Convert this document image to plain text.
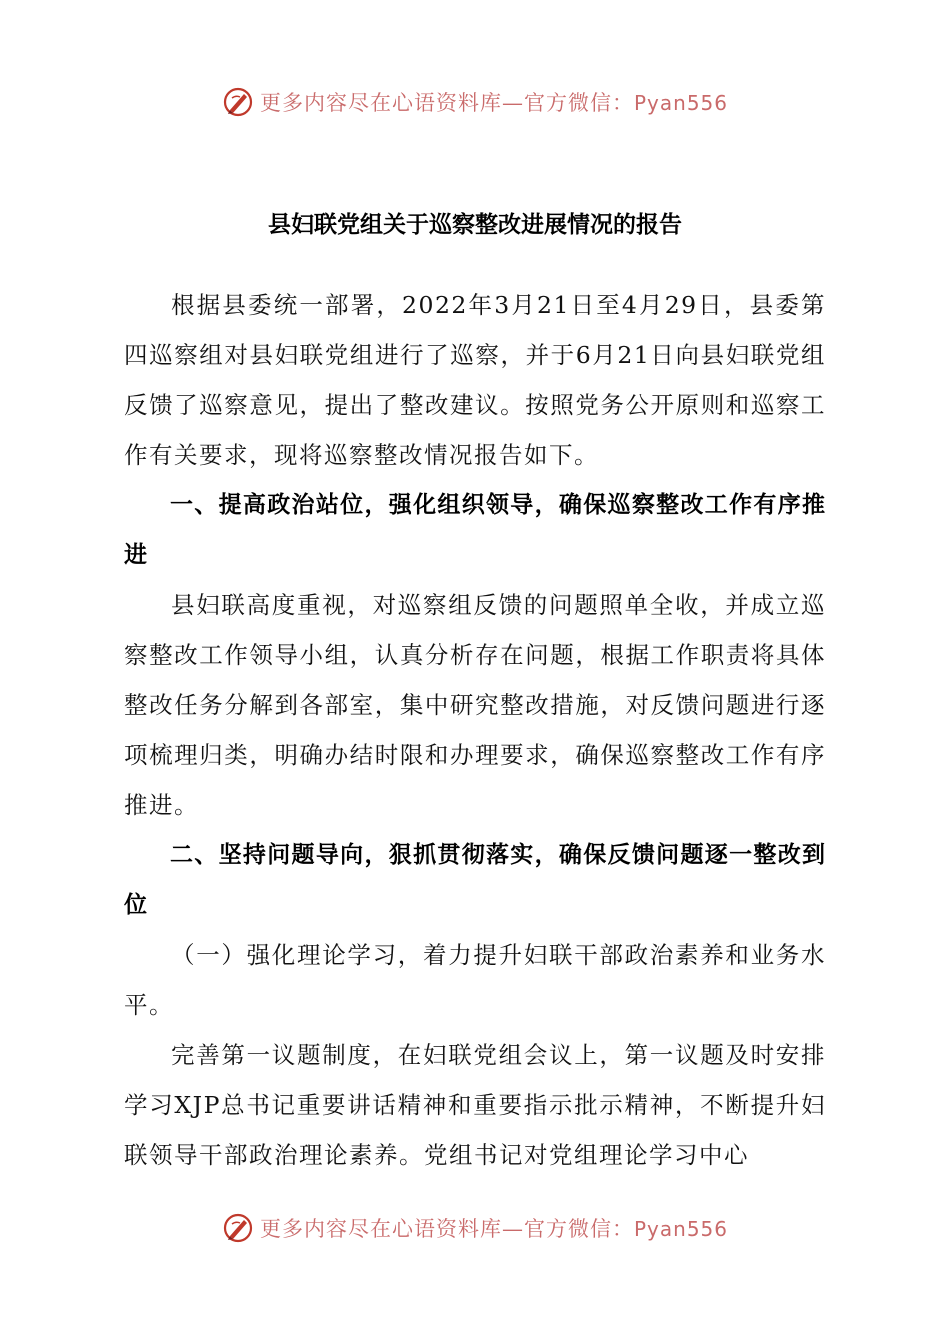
更多内容尽在心语资料库—官方微信：Pyan556
县妇联党组关于巡察整改进展情况的报告

根据县委统一部署，2022年3月21日至4月29日，县委第四巡察组对县妇联党组进行了巡察，并于6月21日向县妇联党组反馈了巡察意见，提出了整改建议。按照党务公开原则和巡察工作有关要求，现将巡察整改情况报告如下。

一、提高政治站位，强化组织领导，确保巡察整改工作有序推进

县妇联高度重视，对巡察组反馈的问题照单全收，并成立巡察整改工作领导小组，认真分析存在问题，根据工作职责将具体整改任务分解到各部室，集中研究整改措施，对反馈问题进行逐项梳理归类，明确办结时限和办理要求，确保巡察整改工作有序推进。

二、坚持问题导向，狠抓贯彻落实，确保反馈问题逐一整改到位

（一）强化理论学习，着力提升妇联干部政治素养和业务水平。

完善第一议题制度，在妇联党组会议上，第一议题及时安排学习XJP总书记重要讲话精神和重要指示批示精神，不断提升妇联领导干部政治理论素养。党组书记对党组理论学习中心

更多内容尽在心语资料库—官方微信：Pyan556
